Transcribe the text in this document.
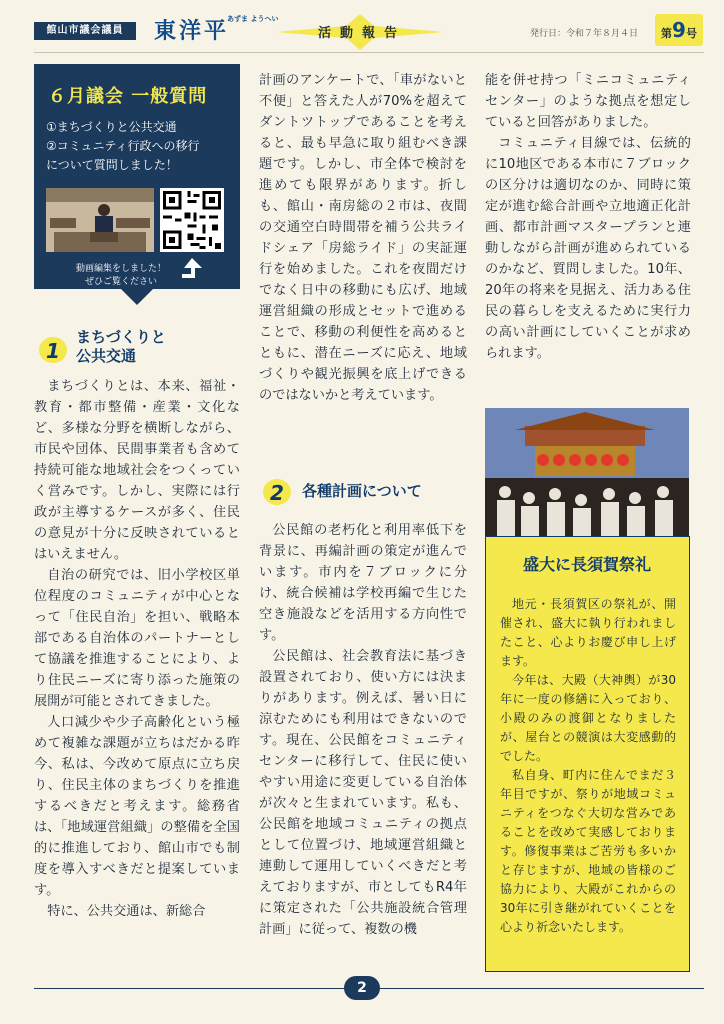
館山市議会議員	東洋平$^{あずま ようへい}$
活動報告	発行日：令和７年８月４日	第9号
６月議会 一般質問
①まちづくりと公共交通
②コミュニティ行政への移行
について質問しました！
動画編集をしました！
ぜひご覧ください
1
まちづくりと
公共交通

まちづくりとは、本来、福祉・教育・都市整備・産業・文化など、多様な分野を横断しながら、市民や団体、民間事業者も含めて持続可能な地域社会をつくっていく営みです。しかし、実際には行政が主導するケースが多く、住民の意見が十分に反映されているとはいえません。

自治の研究では、旧小学校区単位程度のコミュニティが中心となって「住民自治」を担い、戦略本部である自治体のパートナーとして協議を推進することにより、より住民ニーズに寄り添った施策の展開が可能とされてきました。

人口減少や少子高齢化という極めて複雑な課題が立ちはだかる昨今、私は、今改めて原点に立ち戻り、住民主体のまちづくりを推進するべきだと考えます。総務省は、「地域運営組織」の整備を全国的に推進しており、館山市でも制度を導入すべきだと提案しています。

特に、公共交通は、新総合

計画のアンケートで、「車がないと不便」と答えた人が70%を超えてダントツトップであることを考えると、最も早急に取り組むべき課題です。しかし、市全体で検討を進めても限界があります。折しも、館山・南房総の２市は、夜間の交通空白時間帯を補う公共ライドシェア「房総ライド」の実証運行を始めました。これを夜間だけでなく日中の移動にも広げ、地域運営組織の形成とセットで進めることで、移動の利便性を高めるとともに、潜在ニーズに応え、地域づくりや観光振興を底上げできるのではないかと考えています。

2 各種計画について

公民館の老朽化と利用率低下を背景に、再編計画の策定が進んでいます。市内を７ブロックに分け、統合候補は学校再編で生じた空き施設などを活用する方向性です。

公民館は、社会教育法に基づき設置されており、使い方には決まりがあります。例えば、暑い日に涼むためにも利用はできないのです。現在、公民館をコミュニティセンターに移行して、住民に使いやすい用途に変更している自治体が次々と生まれています。私も、公民館を地域コミュニティの拠点として位置づけ、地域運営組織と連動して運用していくべきだと考えておりますが、市としてもR4年に策定された「公共施設統合管理計画」に従って、複数の機

能を併せ持つ「ミニコミュニティセンター」のような拠点を想定していると回答がありました。

コミュニティ目線では、伝統的に10地区である本市に７ブロックの区分けは適切なのか、同時に策定が進む総合計画や立地適正化計画、都市計画マスタープランと連動しながら計画が進められているのかなど、質問しました。10年、20年の将来を見据え、活力ある住民の暮らしを支えるために実行力の高い計画にしていくことが求められます。

盛大に長須賀祭礼

地元・長須賀区の祭礼が、開催され、盛大に執り行われましたこと、心よりお慶び申し上げます。

今年は、大殿（大神輿）が30年に一度の修繕に入っており、小殿のみの渡御となりましたが、屋台との競演は大変感動的でした。

私自身、町内に住んでまだ３年目ですが、祭りが地域コミュニティをつなぐ大切な営みであることを改めて実感しております。修復事業はご苦労も多いかと存じますが、地域の皆様のご協力により、大殿がこれからの30年に引き継がれていくことを心より祈念いたします。

2
